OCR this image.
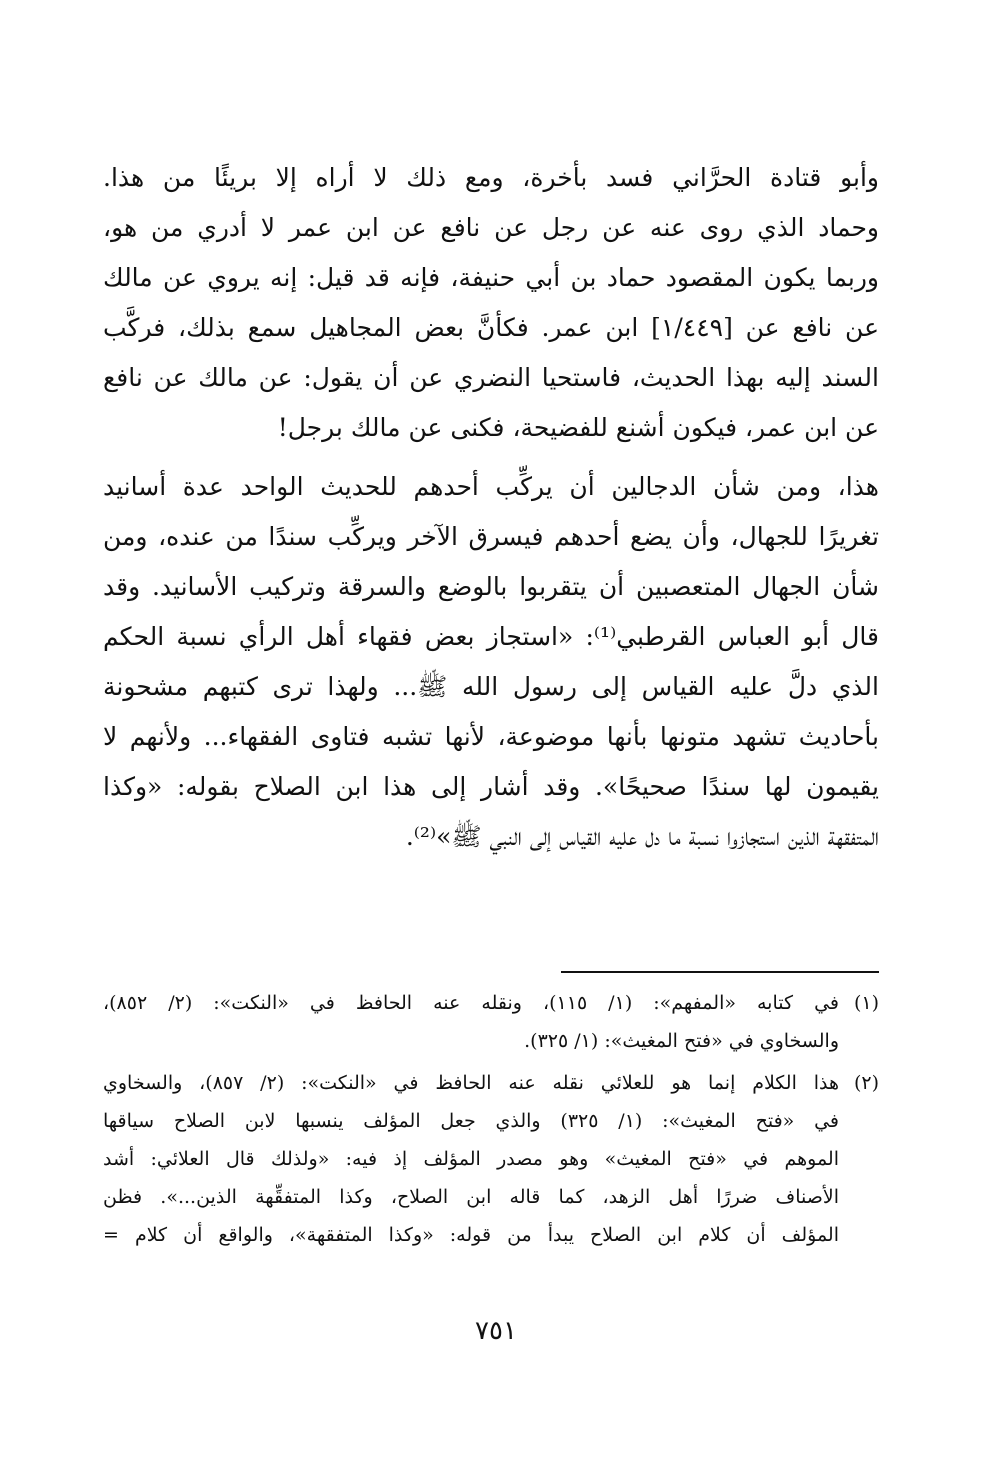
وأبو قتادة الحرَّاني فسد بأخرة، ومع ذلك لا أراه إلا بريئًا من هذا.
وحماد الذي روى عنه عن رجل عن نافع عن ابن عمر لا أدري من هو،
وربما يكون المقصود حماد بن أبي حنيفة، فإنه قد قيل: إنه يروي عن مالك
عن نافع عن [١/٤٤٩] ابن عمر. فكأنَّ بعض المجاهيل سمع بذلك، فركَّب
السند إليه بهذا الحديث، فاستحيا النضري عن أن يقول: عن مالك عن نافع
عن ابن عمر، فيكون أشنع للفضيحة، فكنى عن مالك برجل!
هذا، ومن شأن الدجالين أن يركِّب أحدهم للحديث الواحد عدة أسانيد
تغريرًا للجهال، وأن يضع أحدهم فيسرق الآخر ويركِّب سندًا من عنده، ومن
شأن الجهال المتعصبين أن يتقربوا بالوضع والسرقة وتركيب الأسانيد. وقد
قال أبو العباس القرطبي⁽¹⁾: «استجاز بعض فقهاء أهل الرأي نسبة الحكم
الذي دلَّ عليه القياس إلى رسول الله ﷺ... ولهذا ترى كتبهم مشحونة
بأحاديث تشهد متونها بأنها موضوعة، لأنها تشبه فتاوى الفقهاء... ولأنهم لا
يقيمون لها سندًا صحيحًا». وقد أشار إلى هذا ابن الصلاح بقوله: «وكذا
المتفقهة الذين استجازوا نسبة ما دل عليه القياس إلى النبي ﷺ»⁽²⁾.
(١)
في كتابه «المفهم»: (١/ ١١٥)، ونقله عنه الحافظ في «النكت»: (٢/ ٨٥٢)،
والسخاوي في «فتح المغيث»: (١/ ٣٢٥).
(٢)
هذا الكلام إنما هو للعلائي نقله عنه الحافظ في «النكت»: (٢/ ٨٥٧)، والسخاوي
في «فتح المغيث»: (١/ ٣٢٥) والذي جعل المؤلف ينسبها لابن الصلاح سياقها
الموهم في «فتح المغيث» وهو مصدر المؤلف إذ فيه: «ولذلك قال العلائي: أشد
الأصناف ضررًا أهل الزهد، كما قاله ابن الصلاح، وكذا المتفقِّهة الذين...». فظن
المؤلف أن كلام ابن الصلاح يبدأ من قوله: «وكذا المتفقهة»، والواقع أن كلام =
٧٥١
